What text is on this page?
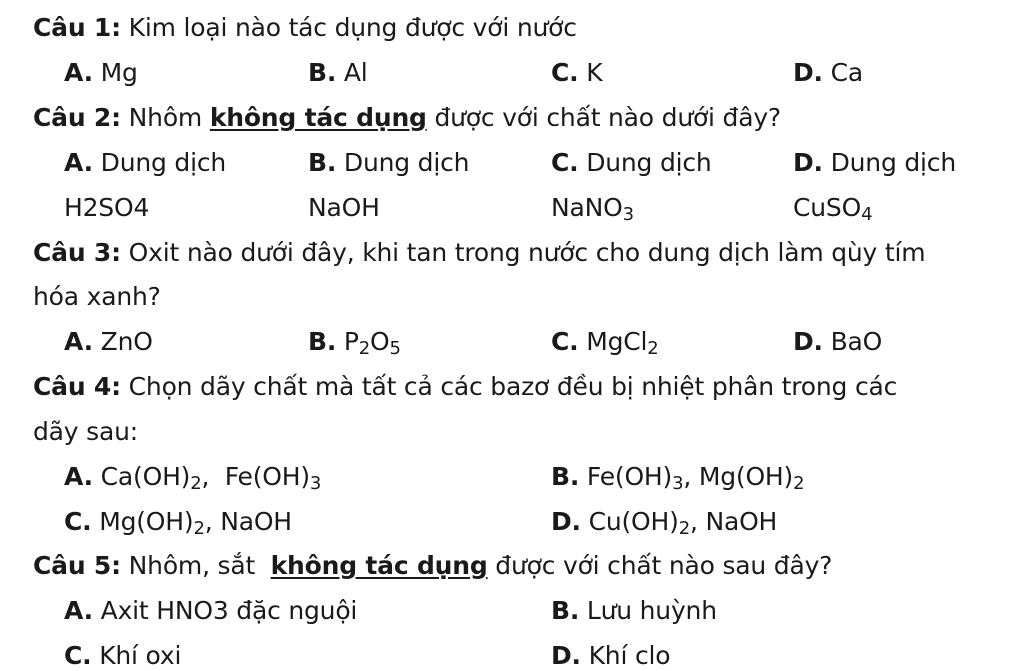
Câu 1: Kim loại nào tác dụng được với nước
A. Mg	B. Al	C. K	D. Ca
Câu 2: Nhôm không tác dụng được với chất nào dưới đây?
A. Dung dịch	B. Dung dịch	C. Dung dịch	D. Dung dịch
H2SO4	NaOH	NaNO$_3$	CuSO$_4$
Câu 3: Oxit nào dưới đây, khi tan trong nước cho dung dịch làm qùy tím
hóa xanh?
A. ZnO	B. $P_2O_5$	C. MgCl$_2$	D. BaO
Câu 4: Chọn dãy chất mà tất cả các bazơ đều bị nhiệt phân trong các
dãy sau:
A. $Ca(OH)_2$,  $Fe(OH)_3$	B. $Fe(OH)_3$, $Mg(OH)_2$
C. $Mg(OH)_2$, NaOH	D. $Cu(OH)_2$, NaOH
Câu 5: Nhôm, sắt  không tác dụng được với chất nào sau đây?
A. Axit HNO3 đặc nguội	B. Lưu huỳnh
C. Khí oxi	D. Khí clo
